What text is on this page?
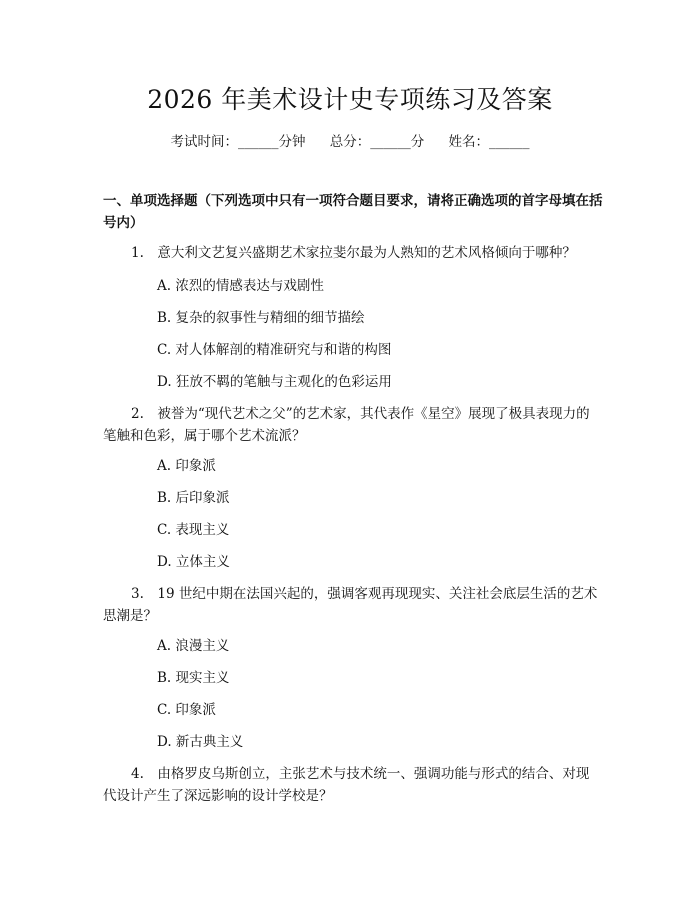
2026 年美术设计史专项练习及答案
考试时间：______分钟 总分：______分 姓名：______
一、单项选择题（下列选项中只有一项符合题目要求，请将正确选项的首字母填在括号内）
1.　意大利文艺复兴盛期艺术家拉斐尔最为人熟知的艺术风格倾向于哪种？
A. 浓烈的情感表达与戏剧性
B. 复杂的叙事性与精细的细节描绘
C. 对人体解剖的精准研究与和谐的构图
D. 狂放不羁的笔触与主观化的色彩运用
2.　被誉为“现代艺术之父”的艺术家，其代表作《星空》展现了极具表现力的笔触和色彩，属于哪个艺术流派？
A. 印象派
B. 后印象派
C. 表现主义
D. 立体主义
3.　19 世纪中期在法国兴起的，强调客观再现现实、关注社会底层生活的艺术思潮是？
A. 浪漫主义
B. 现实主义
C. 印象派
D. 新古典主义
4.　由格罗皮乌斯创立，主张艺术与技术统一、强调功能与形式的结合、对现代设计产生了深远影响的设计学校是？
